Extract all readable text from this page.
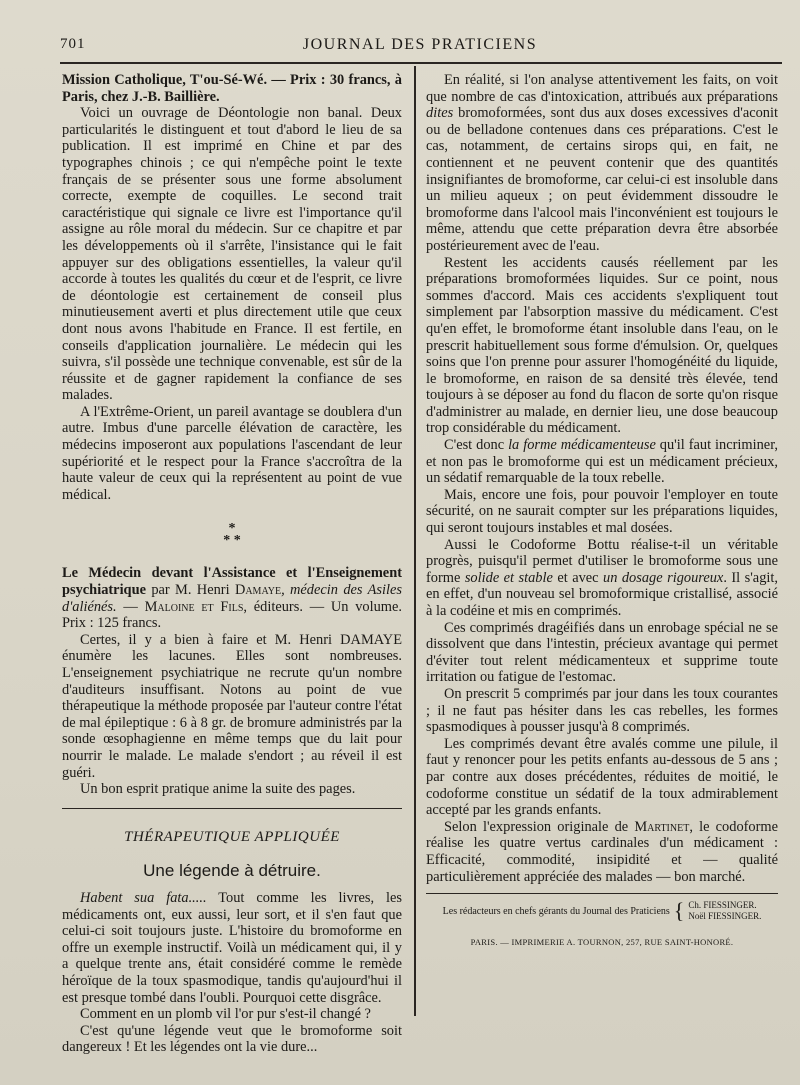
701	JOURNAL DES PRATICIENS

Mission Catholique, T'ou-Sé-Wé. — Prix : 30 francs, à Paris, chez J.-B. Baillière.

Voici un ouvrage de Déontologie non banal. Deux particularités le distinguent et tout d'abord le lieu de sa publication. Il est imprimé en Chine et par des typographes chinois ; ce qui n'empêche point le texte français de se présenter sous une forme absolument correcte, exempte de coquilles. Le second trait caractéristique qui signale ce livre est l'importance qu'il assigne au rôle moral du médecin. Sur ce chapitre et par les développements où il s'arrête, l'insistance qui le fait appuyer sur des obligations essentielles, la valeur qu'il accorde à toutes les qualités du cœur et de l'esprit, ce livre de déontologie est certainement de conseil plus minutieusement averti et plus directement utile que ceux dont nous avons l'habitude en France. Il est fertile, en conseils d'application journalière. Le médecin qui les suivra, s'il possède une technique convenable, est sûr de la réussite et de gagner rapidement la confiance de ses malades.

A l'Extrême-Orient, un pareil avantage se doublera d'un autre. Imbus d'une parcelle élévation de caractère, les médecins imposeront aux populations l'ascendant de leur supériorité et le respect pour la France s'accroîtra de la haute valeur de ceux qui la représentent au point de vue médical.

*
* *

Le Médecin devant l'Assistance et l'Enseignement psychiatrique par M. Henri Damaye, médecin des Asiles d'aliénés. — Maloine et Fils, éditeurs. — Un volume. Prix : 125 francs.

Certes, il y a bien à faire et M. Henri DAMAYE énumère les lacunes. Elles sont nombreuses. L'enseignement psychiatrique ne recrute qu'un nombre d'auditeurs insuffisant. Notons au point de vue thérapeutique la méthode proposée par l'auteur contre l'état de mal épileptique : 6 à 8 gr. de bromure administrés par la sonde œsophagienne en même temps que du lait pour nourrir le malade. Le malade s'endort ; au réveil il est guéri.

Un bon esprit pratique anime la suite des pages.

THÉRAPEUTIQUE APPLIQUÉE
Une légende à détruire.

Habent sua fata..... Tout comme les livres, les médicaments ont, eux aussi, leur sort, et il s'en faut que celui-ci soit toujours juste. L'histoire du bromoforme en offre un exemple instructif. Voilà un médicament qui, il y a quelque trente ans, était considéré comme le remède héroïque de la toux spasmodique, tandis qu'aujourd'hui il est presque tombé dans l'oubli. Pourquoi cette disgrâce.

Comment en un plomb vil l'or pur s'est-il changé ?

C'est qu'une légende veut que le bromoforme soit dangereux ! Et les légendes ont la vie dure...

En réalité, si l'on analyse attentivement les faits, on voit que nombre de cas d'intoxication, attribués aux préparations dites bromoformées, sont dus aux doses excessives d'aconit ou de belladone contenues dans ces préparations. C'est le cas, notamment, de certains sirops qui, en fait, ne contiennent et ne peuvent contenir que des quantités insignifiantes de bromoforme, car celui-ci est insoluble dans un milieu aqueux ; on peut évidemment dissoudre le bromoforme dans l'alcool mais l'inconvénient est toujours le même, attendu que cette préparation devra être absorbée postérieurement avec de l'eau.

Restent les accidents causés réellement par les préparations bromoformées liquides. Sur ce point, nous sommes d'accord. Mais ces accidents s'expliquent tout simplement par l'absorption massive du médicament. C'est qu'en effet, le bromoforme étant insoluble dans l'eau, on le prescrit habituellement sous forme d'émulsion. Or, quelques soins que l'on prenne pour assurer l'homogénéité du liquide, le bromoforme, en raison de sa densité très élevée, tend toujours à se déposer au fond du flacon de sorte qu'on risque d'administrer au malade, en dernier lieu, une dose beaucoup trop considérable du médicament.

C'est donc la forme médicamenteuse qu'il faut incriminer, et non pas le bromoforme qui est un médicament précieux, un sédatif remarquable de la toux rebelle.

Mais, encore une fois, pour pouvoir l'employer en toute sécurité, on ne saurait compter sur les préparations liquides, qui seront toujours instables et mal dosées.

Aussi le Codoforme Bottu réalise-t-il un véritable progrès, puisqu'il permet d'utiliser le bromoforme sous une forme solide et stable et avec un dosage rigoureux. Il s'agit, en effet, d'un nouveau sel bromoformique cristallisé, associé à la codéine et mis en comprimés.

Ces comprimés dragéifiés dans un enrobage spécial ne se dissolvent que dans l'intestin, précieux avantage qui permet d'éviter tout relent médicamenteux et supprime toute irritation ou fatigue de l'estomac.

On prescrit 5 comprimés par jour dans les toux courantes ; il ne faut pas hésiter dans les cas rebelles, les formes spasmodiques à pousser jusqu'à 8 comprimés.

Les comprimés devant être avalés comme une pilule, il faut y renoncer pour les petits enfants au-dessous de 5 ans ; par contre aux doses précédentes, réduites de moitié, le codoforme constitue un sédatif de la toux admirablement accepté par les grands enfants.

Selon l'expression originale de Martinet, le codoforme réalise les quatre vertus cardinales d'un médicament : Efficacité, commodité, insipidité et — qualité particulièrement appréciée des malades — bon marché.

Les rédacteurs en chefs gérants du Journal des Praticiens { Ch. FIESSINGER.
Noël FIESSINGER.
PARIS. — IMPRIMERIE A. TOURNON, 257, RUE SAINT-HONORÉ.
